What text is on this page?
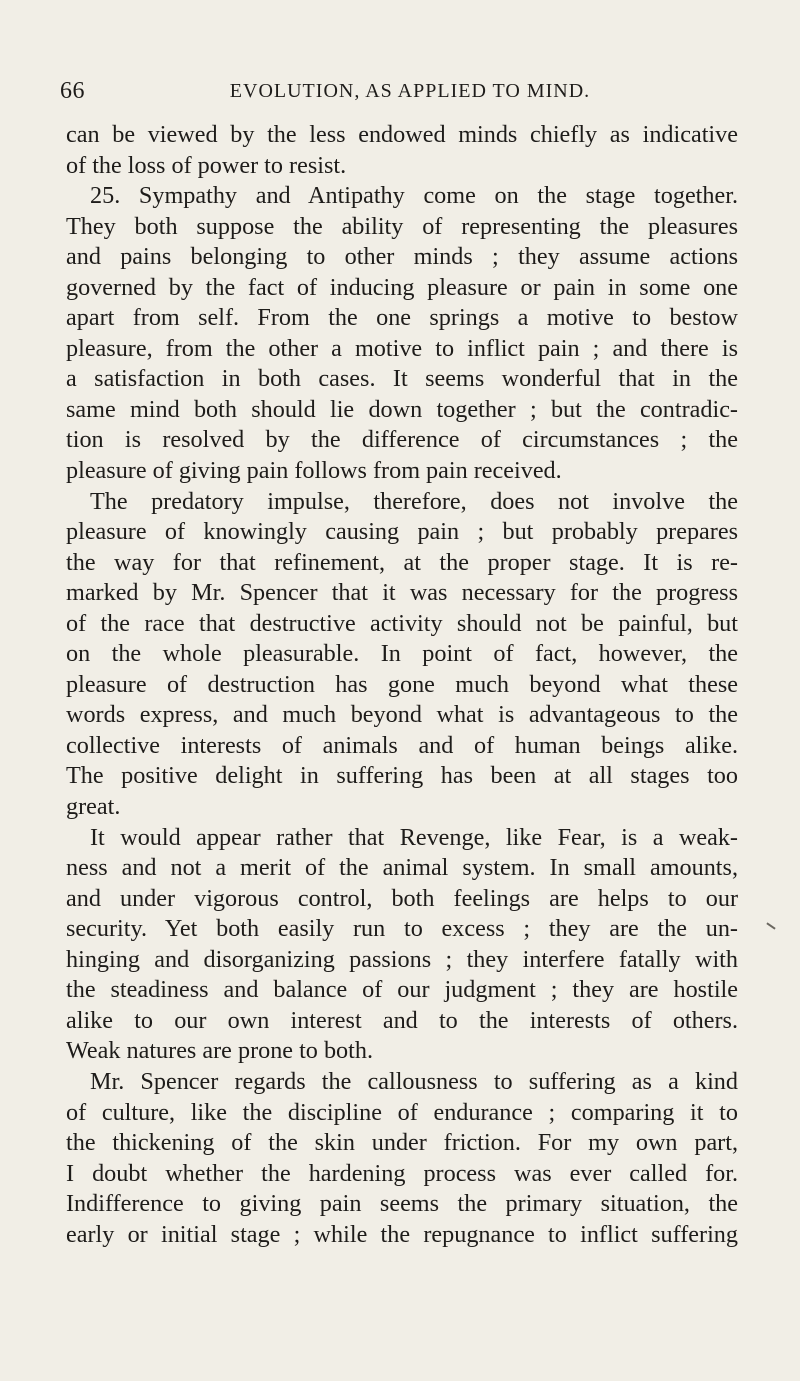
66	EVOLUTION, AS APPLIED TO MIND.
can be viewed by the less endowed minds chiefly as indicative
of the loss of power to resist.
25. Sympathy and Antipathy come on the stage together.
They both suppose the ability of representing the pleasures
and pains belonging to other minds ; they assume actions
governed by the fact of inducing pleasure or pain in some one
apart from self. From the one springs a motive to bestow
pleasure, from the other a motive to inflict pain ; and there is
a satisfaction in both cases. It seems wonderful that in the
same mind both should lie down together ; but the contradic-
tion is resolved by the difference of circumstances ; the
pleasure of giving pain follows from pain received.
The predatory impulse, therefore, does not involve the
pleasure of knowingly causing pain ; but probably prepares
the way for that refinement, at the proper stage. It is re-
marked by Mr. Spencer that it was necessary for the progress
of the race that destructive activity should not be painful, but
on the whole pleasurable. In point of fact, however, the
pleasure of destruction has gone much beyond what these
words express, and much beyond what is advantageous to the
collective interests of animals and of human beings alike.
The positive delight in suffering has been at all stages too
great.
It would appear rather that Revenge, like Fear, is a weak-
ness and not a merit of the animal system. In small amounts,
and under vigorous control, both feelings are helps to our
security. Yet both easily run to excess ; they are the un-
hinging and disorganizing passions ; they interfere fatally with
the steadiness and balance of our judgment ; they are hostile
alike to our own interest and to the interests of others.
Weak natures are prone to both.
Mr. Spencer regards the callousness to suffering as a kind
of culture, like the discipline of endurance ; comparing it to
the thickening of the skin under friction. For my own part,
I doubt whether the hardening process was ever called for.
Indifference to giving pain seems the primary situation, the
early or initial stage ; while the repugnance to inflict suffering
